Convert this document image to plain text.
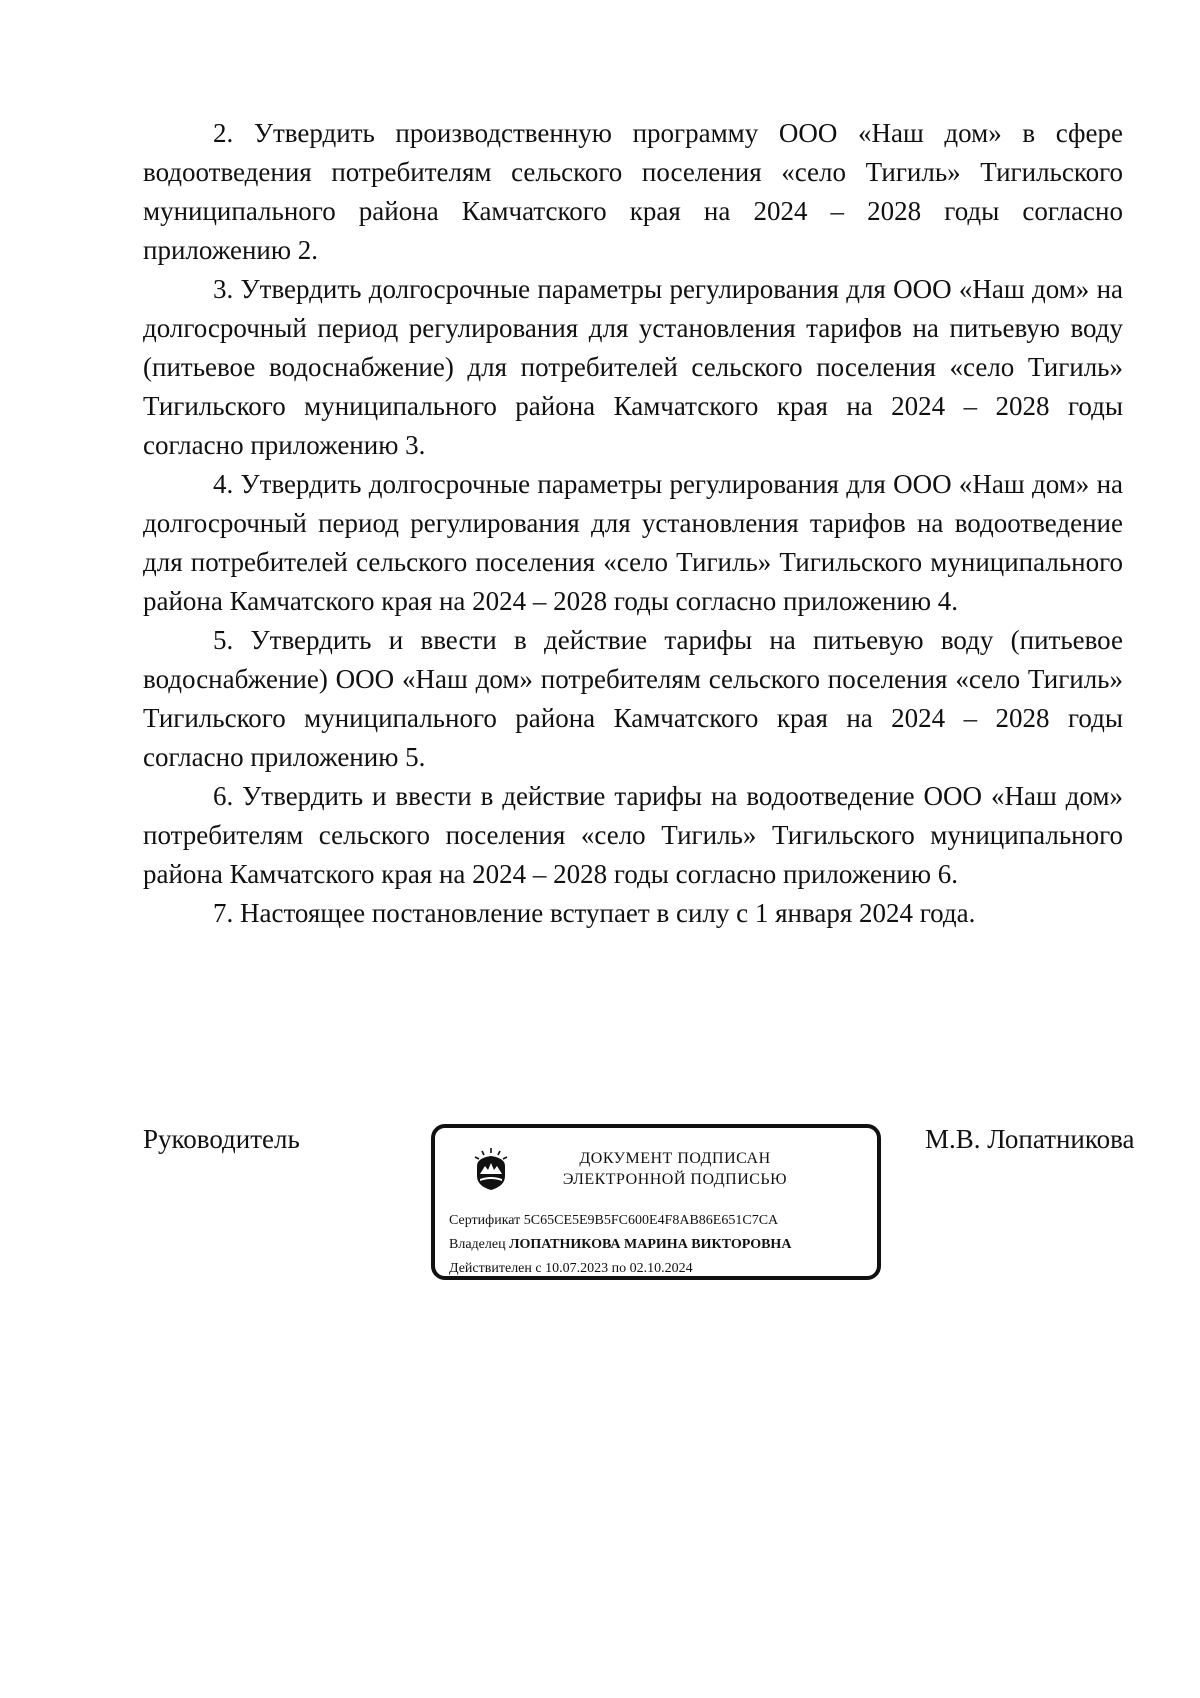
2. Утвердить производственную программу ООО «Наш дом» в сфере водоотведения потребителям сельского поселения «село Тигиль» Тигильского муниципального района Камчатского края на 2024 – 2028 годы согласно приложению 2.

3. Утвердить долгосрочные параметры регулирования для ООО «Наш дом» на долгосрочный период регулирования для установления тарифов на питьевую воду (питьевое водоснабжение) для потребителей сельского поселения «село Тигиль» Тигильского муниципального района Камчатского края на 2024 – 2028 годы согласно приложению 3.

4. Утвердить долгосрочные параметры регулирования для ООО «Наш дом» на долгосрочный период регулирования для установления тарифов на водоотведение для потребителей сельского поселения «село Тигиль» Тигильского муниципального района Камчатского края на 2024 – 2028 годы согласно приложению 4.

5. Утвердить и ввести в действие тарифы на питьевую воду (питьевое водоснабжение) ООО «Наш дом» потребителям сельского поселения «село Тигиль» Тигильского муниципального района Камчатского края на 2024 – 2028 годы согласно приложению 5.

6. Утвердить и ввести в действие тарифы на водоотведение ООО «Наш дом» потребителям сельского поселения «село Тигиль» Тигильского муниципального района Камчатского края на 2024 – 2028 годы согласно приложению 6.

7. Настоящее постановление вступает в силу с 1 января 2024 года.

Руководитель
ДОКУМЕНТ ПОДПИСАН
ЭЛЕКТРОННОЙ ПОДПИСЬЮ
Сертификат 5C65CE5E9B5FC600E4F8AB86E651C7CA
Владелец ЛОПАТНИКОВА МАРИНА ВИКТОРОВНА
Действителен с 10.07.2023 по 02.10.2024
М.В. Лопатникова
